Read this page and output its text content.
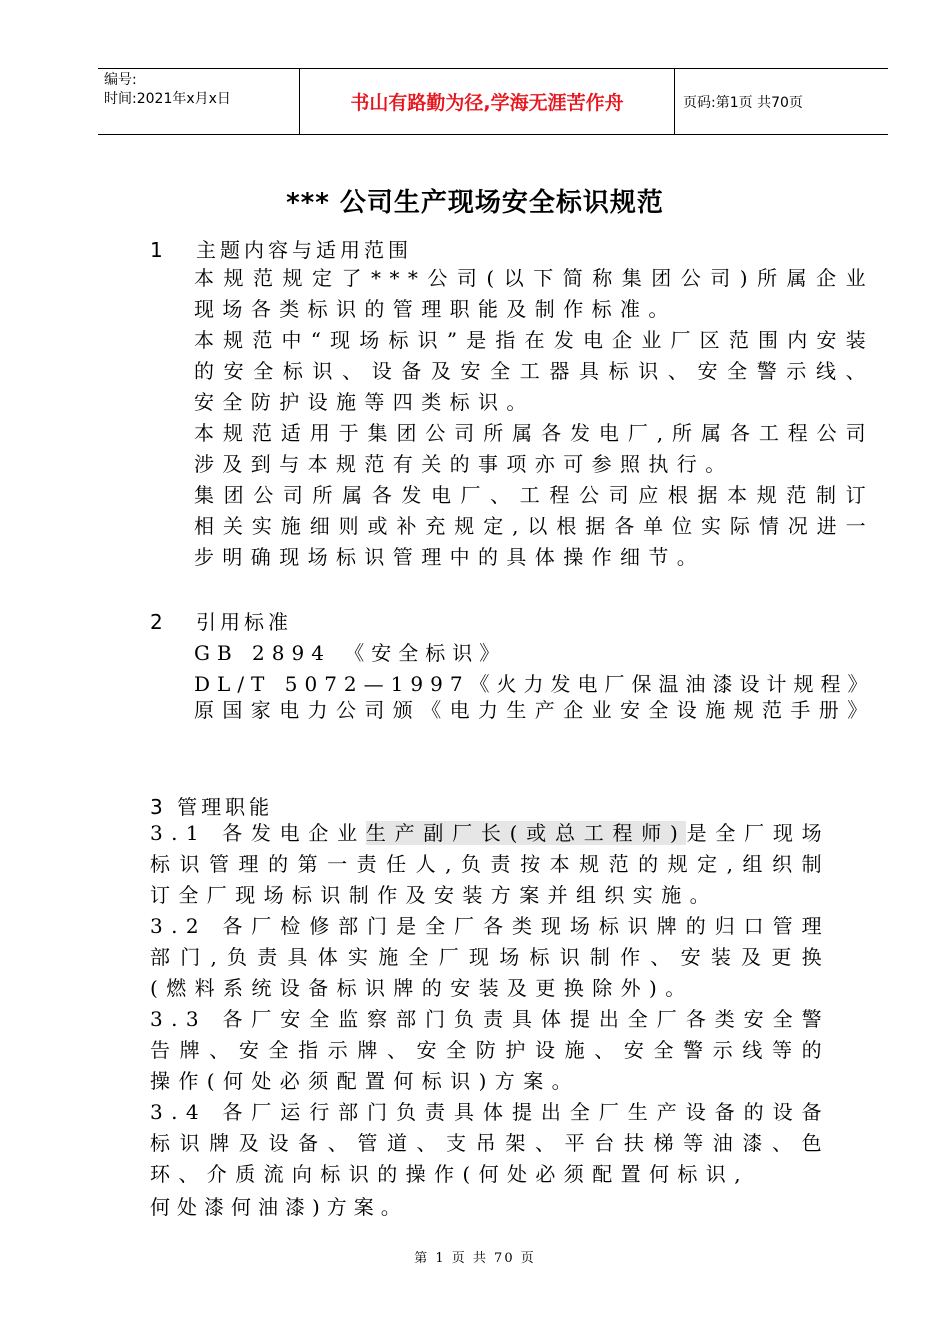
编号:
时间:2021年x月x日	书山有路勤为径,学海无涯苦作舟	页码:第1页 共70页
*** 公司生产现场安全标识规范
1 主题内容与适用范围
本规范规定了***公司(以下简称集团公司)所属企业现场各类标识的管理职能及制作标准。
本规范中“现场标识”是指在发电企业厂区范围内安装的安全标识、设备及安全工器具标识、安全警示线、安全防护设施等四类标识。
本规范适用于集团公司所属各发电厂,所属各工程公司涉及到与本规范有关的事项亦可参照执行。
集团公司所属各发电厂、工程公司应根据本规范制订相关实施细则或补充规定,以根据各单位实际情况进一步明确现场标识管理中的具体操作细节。
2 引用标准
GB 2894 《安全标识》
DL/T 5072—1997《火力发电厂保温油漆设计规程》
原国家电力公司颁《电力生产企业安全设施规范手册》
3 管理职能
3.1 各发电企业生产副厂长(或总工程师)是全厂现场标识管理的第一责任人,负责按本规范的规定,组织制订全厂现场标识制作及安装方案并组织实施。
3.2 各厂检修部门是全厂各类现场标识牌的归口管理部门,负责具体实施全厂现场标识制作、安装及更换(燃料系统设备标识牌的安装及更换除外)。
3.3 各厂安全监察部门负责具体提出全厂各类安全警告牌、安全指示牌、安全防护设施、安全警示线等的操作(何处必须配置何标识)方案。
3.4 各厂运行部门负责具体提出全厂生产设备的设备标识牌及设备、管道、支吊架、平台扶梯等油漆、色环、介质流向标识的操作(何处必须配置何标识,
何处漆何油漆)方案。
第 1 页 共 70 页
